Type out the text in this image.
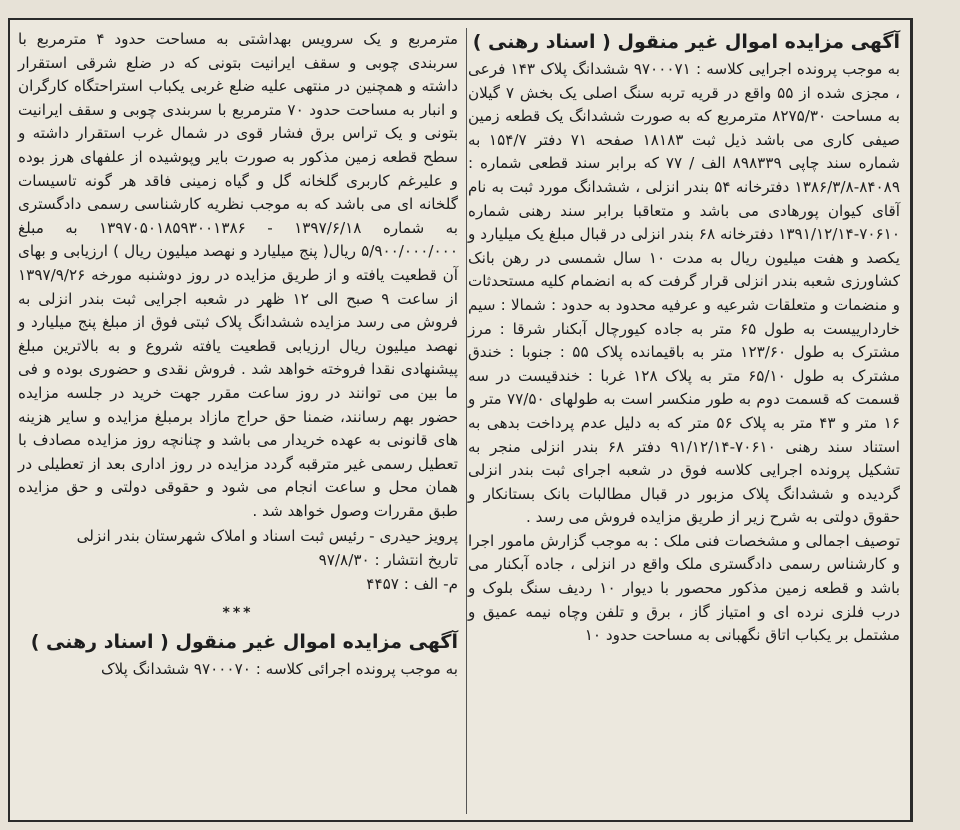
آگهی مزایده اموال غیر منقول ( اسناد رهنی )

به موجب پرونده اجرایی کلاسه : ۹۷۰۰۰۷۱ ششدانگ پلاک ۱۴۳ فرعی ، مجزی شده از ۵۵ واقع در قریه تربه سنگ اصلی یک بخش ۷ گیلان به مساحت ۸۲۷۵/۳۰ مترمربع که به صورت ششدانگ یک قطعه زمین صیفی کاری می باشد ذیل ثبت ۱۸۱۸۳ صفحه ۷۱ دفتر ۱۵۴/۷ به شماره سند چاپی ۸۹۸۳۳۹ الف / ۷۷ که برابر سند قطعی شماره : ۸۴۰۸۹-۱۳۸۶/۳/۸ دفترخانه ۵۴ بندر انزلی ، ششدانگ مورد ثبت به نام آقای کیوان پورهادی می باشد و متعاقبا برابر سند رهنی شماره ۷۰۶۱۰-۱۳۹۱/۱۲/۱۴ دفترخانه ۶۸ بندر انزلی در قبال مبلغ یک میلیارد و یکصد و هفت میلیون ریال به مدت ۱۰ سال شمسی در رهن بانک کشاورزی شعبه بندر انزلی قرار گرفت که به انضمام کلیه مستحدثات و منضمات و متعلقات شرعیه و عرفیه محدود به حدود : شمالا : سیم خاردارییست به طول ۶۵ متر به جاده کیورچال آبکنار شرقا : مرز مشترک به طول ۱۲۳/۶۰ متر به باقیمانده پلاک ۵۵ : جنوبا : خندق مشترک به طول ۶۵/۱۰ متر به پلاک ۱۲۸ غربا : خندقیست در سه قسمت که قسمت دوم به طور منکسر است به طولهای ۷۷/۵۰ متر و ۱۶ متر و ۴۳ متر به پلاک ۵۶ متر که به دلیل عدم پرداخت بدهی به استناد سند رهنی ۷۰۶۱۰-۹۱/۱۲/۱۴ دفتر ۶۸ بندر انزلی منجر به تشکیل پرونده اجرایی کلاسه فوق در شعبه اجرای ثبت بندر انزلی گردیده و ششدانگ پلاک مزبور در قبال مطالبات بانک بستانکار و حقوق دولتی به شرح زیر از طریق مزایده فروش می رسد .

توصیف اجمالی و مشخصات فنی ملک : به موجب گزارش مامور اجرا و کارشناس رسمی دادگستری ملک واقع در انزلی ، جاده آبکنار می باشد و قطعه زمین مذکور محصور با دیوار ۱۰ ردیف سنگ بلوک و درب فلزی نرده ای و امتیاز گاز ، برق و تلفن وچاه نیمه عمیق و مشتمل بر یکباب اتاق نگهبانی به مساحت حدود ۱۰

مترمربع و یک سرویس بهداشتی به مساحت حدود ۴ مترمربع با سربندی چوبی و سقف ایرانیت بتونی که در ضلع شرقی استقرار داشته و همچنین در منتهی علیه ضلع غربی یکباب استراحتگاه کارگران و انبار به مساحت حدود ۷۰ مترمربع با سربندی چوبی و سقف ایرانیت بتونی و یک تراس برق فشار قوی در شمال غرب استقرار داشته و سطح قطعه زمین مذکور به صورت بایر وپوشیده از علفهای هرز بوده و علیرغم کاربری گلخانه گل و گیاه زمینی فاقد هر گونه تاسیسات گلخانه ای می باشد که به موجب نظریه کارشناسی رسمی دادگستری به شماره ۱۳۹۷/۶/۱۸ - ۱۳۹۷۰۵۰۱۸۵۹۳۰۰۱۳۸۶ به مبلغ ۵/۹۰۰/۰۰۰/۰۰۰ ریال( پنج میلیارد و نهصد میلیون ریال ) ارزیابی و بهای آن قطعیت یافته و از طریق مزایده در روز دوشنبه مورخه ۱۳۹۷/۹/۲۶ از ساعت ۹ صبح الی ۱۲ ظهر در شعبه اجرایی ثبت بندر انزلی به فروش می رسد مزایده ششدانگ پلاک ثبتی فوق از مبلغ پنج میلیارد و نهصد میلیون ریال ارزیابی قطعیت یافته شروع و به بالاترین مبلغ پیشنهادی نقدا فروخته خواهد شد . فروش نقدی و حضوری بوده و فی ما بین می توانند در روز ساعت مقرر جهت خرید در جلسه مزایده حضور بهم رسانند، ضمنا حق حراج مازاد برمبلغ مزایده و سایر هزینه های قانونی به عهده خریدار می باشد و چنانچه روز مزایده مصادف با تعطیل رسمی غیر مترقبه گردد مزایده در روز اداری بعد از تعطیلی در همان محل و ساعت انجام می شود و حقوقی دولتی و حق مزایده طبق مقررات وصول خواهد شد .

پرویز حیدری - رئیس ثبت اسناد و املاک شهرستان بندر انزلی

تاریخ انتشار : ۹۷/۸/۳۰

م- الف : ۴۴۵۷

***
آگهی مزایده اموال غیر منقول ( اسناد رهنی )

به موجب پرونده اجرائی کلاسه : ۹۷۰۰۰۷۰ ششدانگ پلاک
